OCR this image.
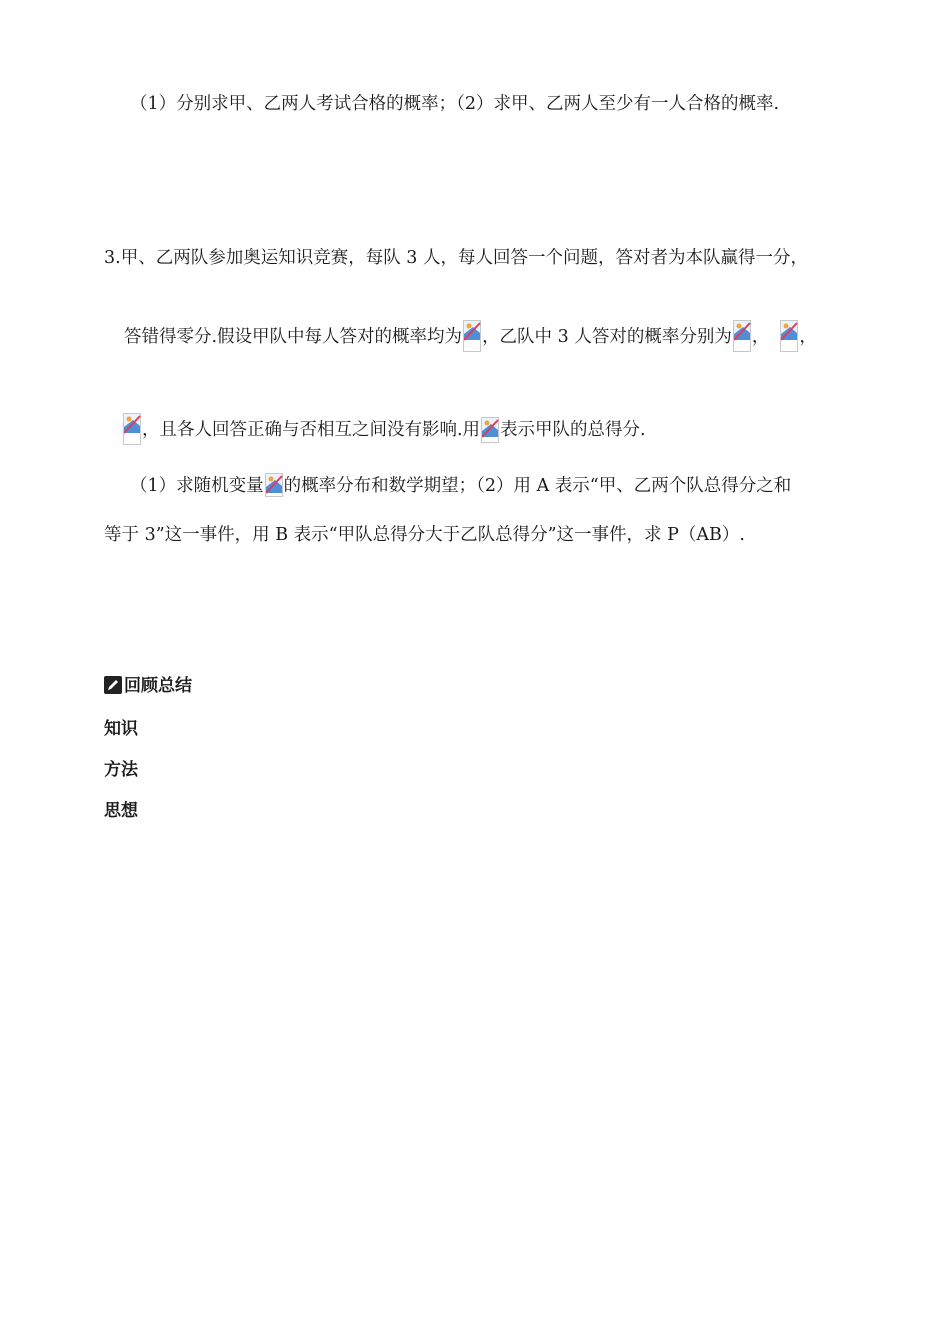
（1）分别求甲、乙两人考试合格的概率；（2）求甲、乙两人至少有一人合格的概率.
3.甲、乙两队参加奥运知识竞赛，每队 3 人，每人回答一个问题，答对者为本队赢得一分，
答错得零分.假设甲队中每人答对的概率均为 ，乙队中 3 人答对的概率分别为 ， ，
，且各人回答正确与否相互之间没有影响.用 表示甲队的总得分.
（1）求随机变量 的概率分布和数学期望；（2）用 A 表示“甲、乙两个队总得分之和
等于 3”这一事件，用 B 表示“甲队总得分大于乙队总得分”这一事件，求 P（AB）.
回顾总结
知识
方法
思想
